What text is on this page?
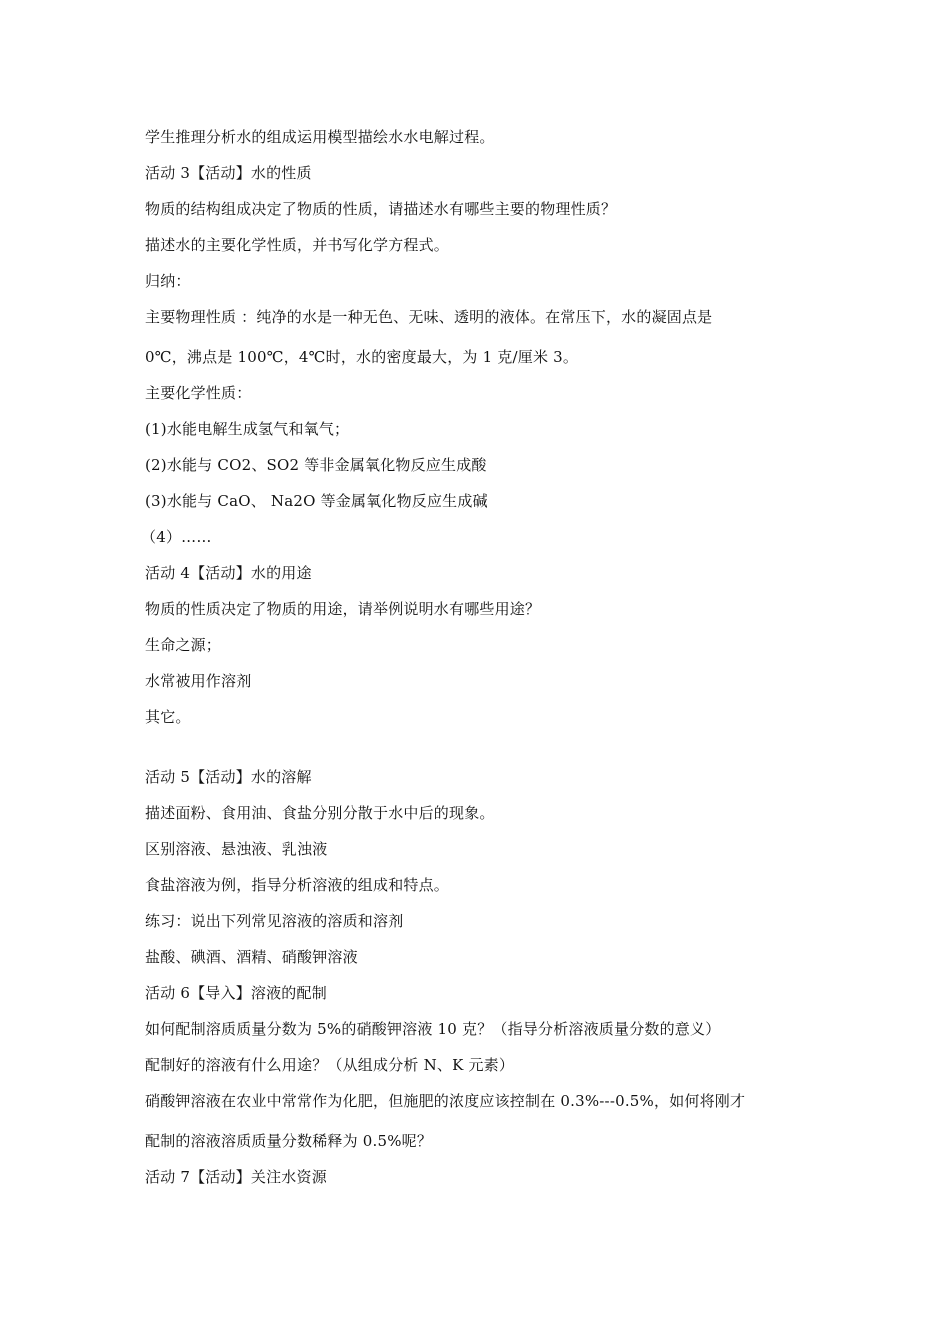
学生推理分析水的组成运用模型描绘水水电解过程。
活动 3【活动】水的性质
物质的结构组成决定了物质的性质，请描述水有哪些主要的物理性质？
描述水的主要化学性质，并书写化学方程式。
归纳：
主要物理性质 ：纯净的水是一种无色、无味、透明的液体。在常压下，水的凝固点是
0℃，沸点是 100℃，4℃时，水的密度最大，为 1 克/厘米 3。
主要化学性质：
(1)水能电解生成氢气和氧气；
(2)水能与 CO2、SO2 等非金属氧化物反应生成酸
(3)水能与 CaO、 Na2O 等金属氧化物反应生成碱
（4）……
活动 4【活动】水的用途
物质的性质决定了物质的用途，请举例说明水有哪些用途？
生命之源；
水常被用作溶剂
其它。
活动 5【活动】水的溶解
描述面粉、食用油、食盐分别分散于水中后的现象。
区别溶液、悬浊液、乳浊液
食盐溶液为例，指导分析溶液的组成和特点。
练习：说出下列常见溶液的溶质和溶剂
盐酸、碘酒、酒精、硝酸钾溶液
活动 6【导入】溶液的配制
如何配制溶质质量分数为 5%的硝酸钾溶液 10 克？（指导分析溶液质量分数的意义）
配制好的溶液有什么用途？（从组成分析 N、K 元素）
硝酸钾溶液在农业中常常作为化肥，但施肥的浓度应该控制在 0.3%---0.5%，如何将刚才
配制的溶液溶质质量分数稀释为 0.5%呢？
活动 7【活动】关注水资源
